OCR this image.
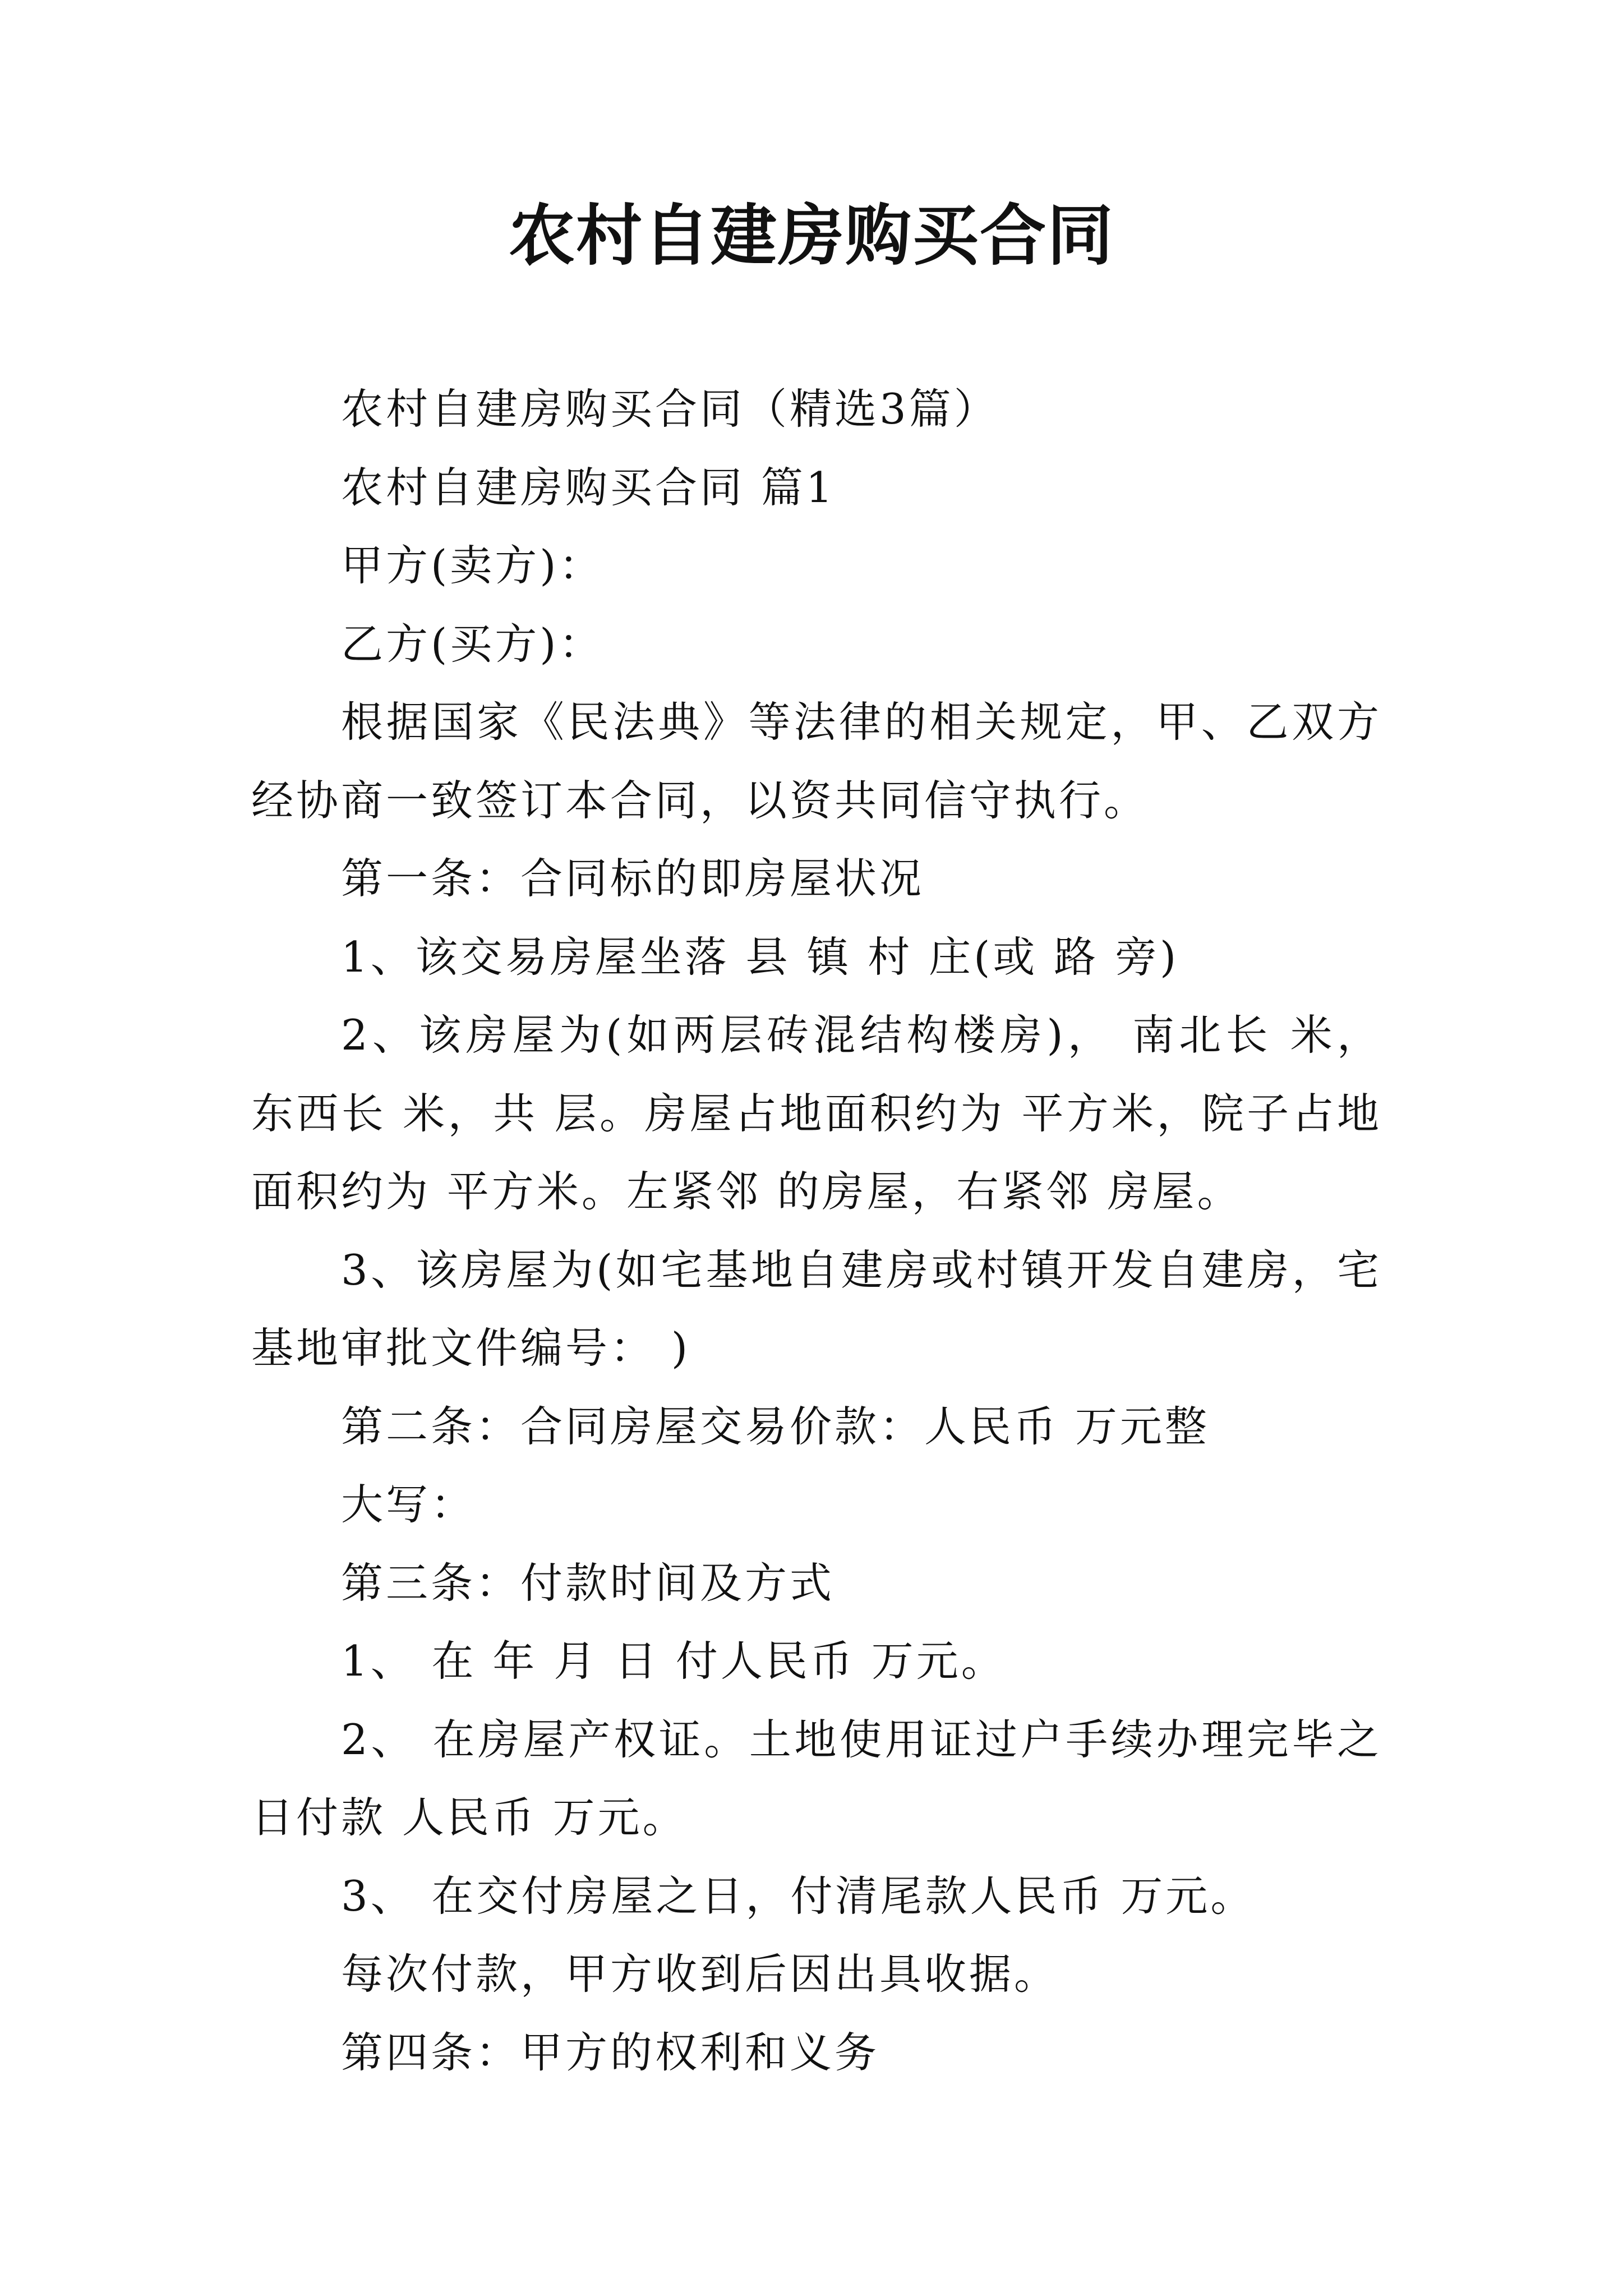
农村自建房购买合同

农村自建房购买合同（精选3篇）

农村自建房购买合同 篇1

甲方(卖方)：

乙方(买方)：

根据国家《民法典》等法律的相关规定，甲、乙双方经协商一致签订本合同，以资共同信守执行。

第一条：合同标的即房屋状况

1、该交易房屋坐落 县 镇 村 庄(或 路 旁)

2、该房屋为(如两层砖混结构楼房)， 南北长 米，东西长 米，共 层。房屋占地面积约为 平方米，院子占地面积约为 平方米。左紧邻 的房屋，右紧邻 房屋。

3、该房屋为(如宅基地自建房或村镇开发自建房，宅基地审批文件编号： )

第二条：合同房屋交易价款：人民币 万元整

大写：

第三条：付款时间及方式

1、 在 年 月 日 付人民币 万元。

2、 在房屋产权证。土地使用证过户手续办理完毕之日付款 人民币 万元。

3、 在交付房屋之日，付清尾款人民币 万元。

每次付款，甲方收到后因出具收据。

第四条：甲方的权利和义务
